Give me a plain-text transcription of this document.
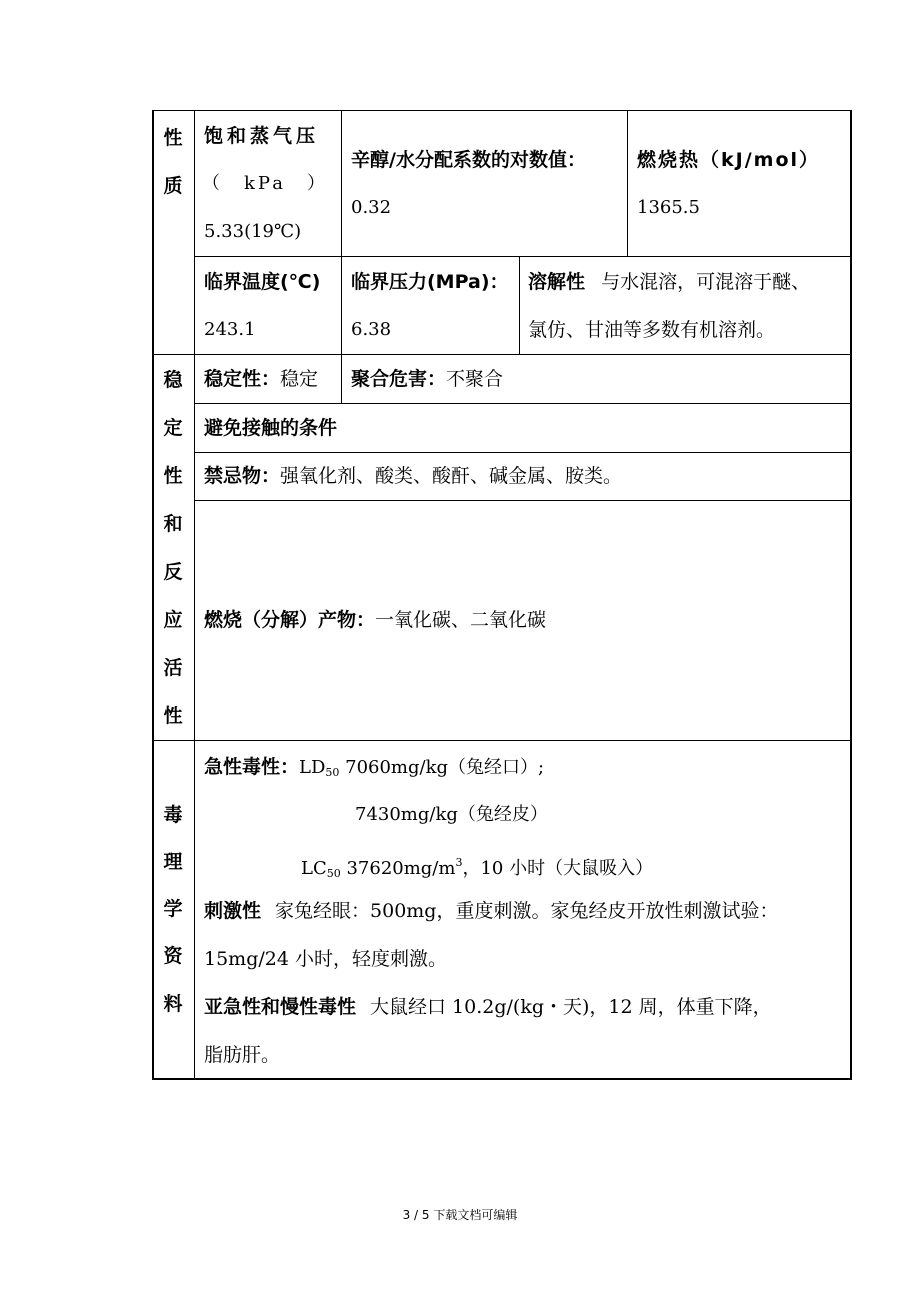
性
质
饱和蒸气压
（　kPa　）
5.33(19℃)
辛醇/水分配系数的对数值：
0.32
燃烧热（kJ/mol）
1365.5
临界温度(℃)
243.1
临界压力(MPa)：
6.38
溶解性 与水混溶，可混溶于醚、
氯仿、甘油等多数有机溶剂。
稳
定
性
和
反
应
活
性
稳定性：稳定 聚合危害：不聚合
避免接触的条件
禁忌物：强氧化剂、酸类、酸酐、碱金属、胺类。
燃烧（分解）产物：一氧化碳、二氧化碳
毒
理
学
资
料
急性毒性：$LD_{50}$ 7060mg/kg（兔经口）;
7430mg/kg（兔经皮）
$LC_{50}$ $37620mg/m^3$，10 小时（大鼠吸入）
刺激性 家兔经眼：500mg，重度刺激。家兔经皮开放性刺激试验：
15mg/24 小时，轻度刺激。
亚急性和慢性毒性 大鼠经口 10.2g/(kg・天)，12 周，体重下降，
脂肪肝。
3 / 5 下载文档可编辑
